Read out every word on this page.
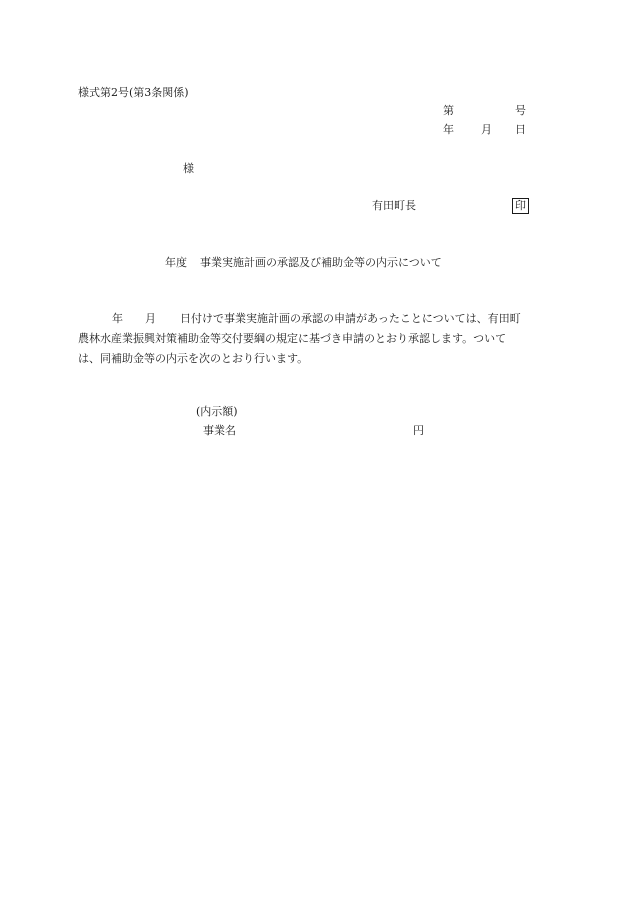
様式第2号(第3条関係)
第	号
年 月 日
様
有田町長	印
年度 事業実施計画の承認及び補助金等の内示について
年 月 日付けで事業実施計画の承認の申請があったことについては、有田町
農林水産業振興対策補助金等交付要綱の規定に基づき申請のとおり承認します。ついて
は、同補助金等の内示を次のとおり行います。
(内示額)
事業名	円
